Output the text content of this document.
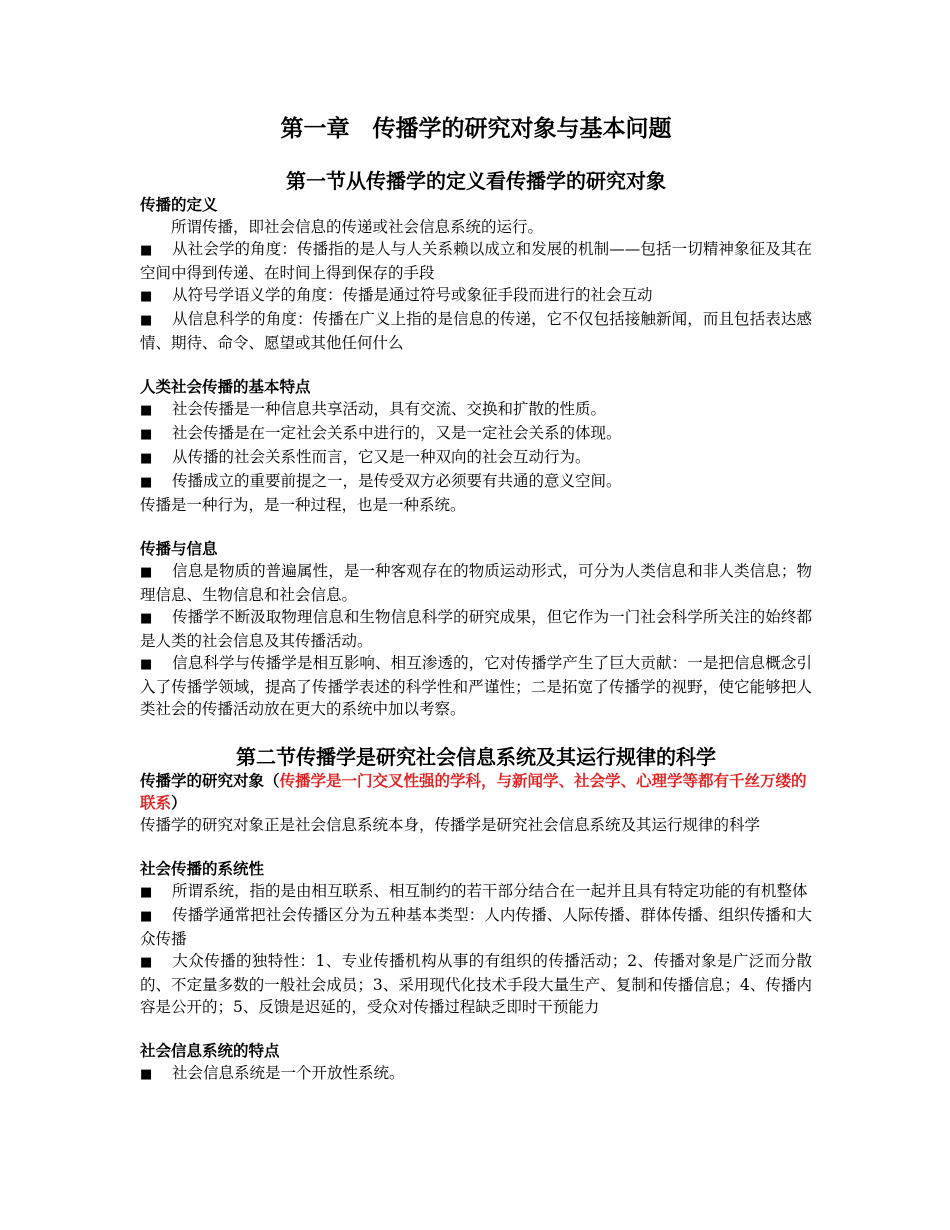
第一章　传播学的研究对象与基本问题
第一节从传播学的定义看传播学的研究对象
传播的定义

所谓传播，即社会信息的传递或社会信息系统的运行。

■ 从社会学的角度：传播指的是人与人关系赖以成立和发展的机制——包括一切精神象征及其在空间中得到传递、在时间上得到保存的手段

■ 从符号学语义学的角度：传播是通过符号或象征手段而进行的社会互动

■ 从信息科学的角度：传播在广义上指的是信息的传递，它不仅包括接触新闻，而且包括表达感情、期待、命令、愿望或其他任何什么

人类社会传播的基本特点

■ 社会传播是一种信息共享活动，具有交流、交换和扩散的性质。

■ 社会传播是在一定社会关系中进行的，又是一定社会关系的体现。

■ 从传播的社会关系性而言，它又是一种双向的社会互动行为。

■ 传播成立的重要前提之一，是传受双方必须要有共通的意义空间。

传播是一种行为，是一种过程，也是一种系统。

传播与信息

■ 信息是物质的普遍属性，是一种客观存在的物质运动形式，可分为人类信息和非人类信息；物理信息、生物信息和社会信息。

■ 传播学不断汲取物理信息和生物信息科学的研究成果，但它作为一门社会科学所关注的始终都是人类的社会信息及其传播活动。

■ 信息科学与传播学是相互影响、相互渗透的，它对传播学产生了巨大贡献：一是把信息概念引入了传播学领域，提高了传播学表述的科学性和严谨性；二是拓宽了传播学的视野，使它能够把人类社会的传播活动放在更大的系统中加以考察。

第二节传播学是研究社会信息系统及其运行规律的科学
传播学的研究对象（传播学是一门交叉性强的学科，与新闻学、社会学、心理学等都有千丝万缕的联系）

传播学的研究对象正是社会信息系统本身，传播学是研究社会信息系统及其运行规律的科学

社会传播的系统性

■ 所谓系统，指的是由相互联系、相互制约的若干部分结合在一起并且具有特定功能的有机整体

■ 传播学通常把社会传播区分为五种基本类型：人内传播、人际传播、群体传播、组织传播和大众传播

■ 大众传播的独特性：1、专业传播机构从事的有组织的传播活动；2、传播对象是广泛而分散的、不定量多数的一般社会成员；3、采用现代化技术手段大量生产、复制和传播信息；4、传播内容是公开的；5、反馈是迟延的，受众对传播过程缺乏即时干预能力

社会信息系统的特点

■ 社会信息系统是一个开放性系统。
